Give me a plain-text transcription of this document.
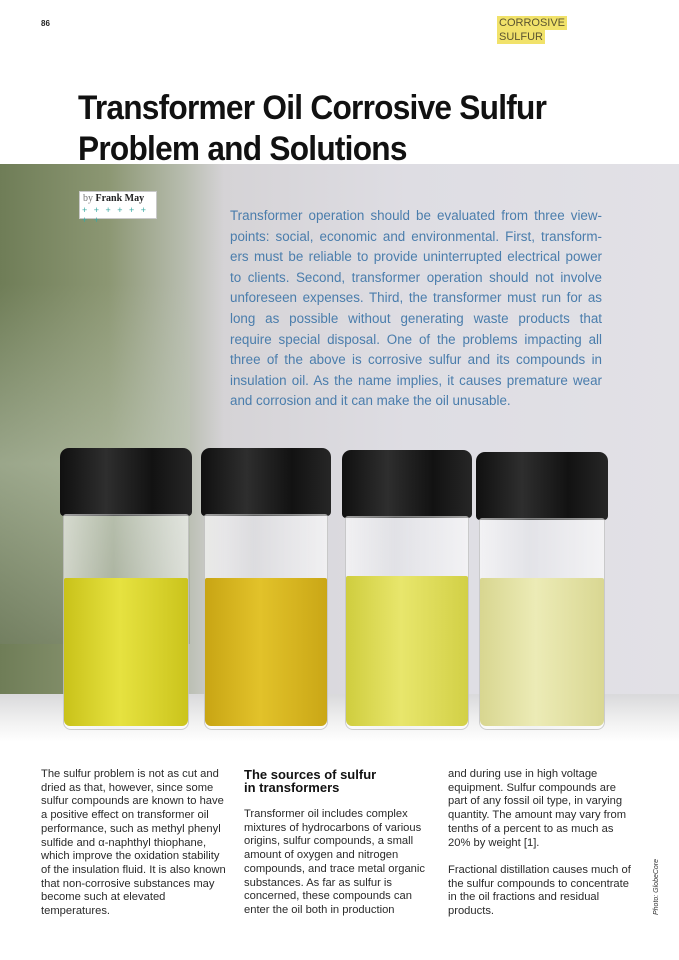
86	CORROSIVE
SULFUR
Transformer Oil Corrosive Sulfur
Problem and Solutions
by Frank May
+ + + + + + + +	Transformer operation should be evaluated from three view-points: social, economic and environmental. First, transform-ers must be reliable to provide uninterrupted electrical power to clients. Second, transformer operation should not involve unforeseen expenses. Third, the transformer must run for as long as possible without generating waste products that require special disposal. One of the problems impacting all three of the above is corrosive sulfur and its compounds in insulation oil. As the name implies, it causes premature wear and corrosion and it can make the oil unusable.

The sulfur problem is not as cut and dried as that, however, since some sulfur compounds are known to have a positive effect on transformer oil performance, such as methyl phenyl sulfide and α-naphthyl thiophane, which improve the oxidation stability of the insulation fluid. It is also known that non-corrosive substances may become such at elevated temperatures.

The sources of sulfur
in transformers

Transformer oil includes complex mixtures of hydrocarbons of various origins, sulfur compounds, a small amount of oxygen and nitrogen compounds, and trace metal organic substances. As far as sulfur is concerned, these compounds can enter the oil both in production

and during use in high voltage equipment. Sulfur compounds are part of any fossil oil type, in varying quantity. The amount may vary from tenths of a percent to as much as 20% by weight [1].

Fractional distillation causes much of the sulfur compounds to concentrate in the oil fractions and residual products.	Photo: GlobeCore
